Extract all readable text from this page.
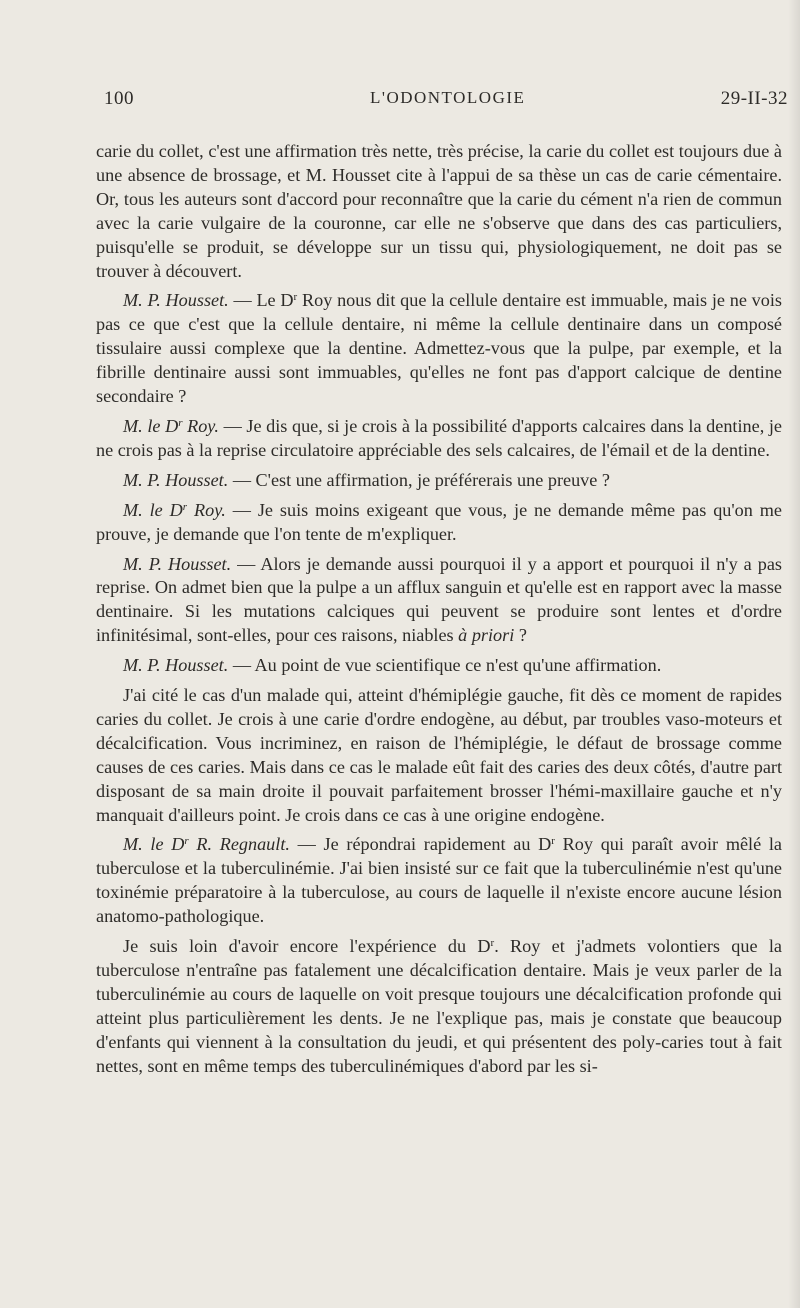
100	L'ODONTOLOGIE	29-II-32

carie du collet, c'est une affirmation très nette, très précise, la carie du collet est toujours due à une absence de brossage, et M. Housset cite à l'appui de sa thèse un cas de carie cémentaire. Or, tous les auteurs sont d'accord pour reconnaître que la carie du cément n'a rien de commun avec la carie vulgaire de la couronne, car elle ne s'observe que dans des cas particuliers, puisqu'elle se produit, se développe sur un tissu qui, physiologiquement, ne doit pas se trouver à découvert.

M. P. Housset. — Le $D^r$ Roy nous dit que la cellule dentaire est immuable, mais je ne vois pas ce que c'est que la cellule dentaire, ni même la cellule dentinaire dans un composé tissulaire aussi complexe que la dentine. Admettez-vous que la pulpe, par exemple, et la fibrille dentinaire aussi sont immuables, qu'elles ne font pas d'apport calcique de dentine secondaire ?

M. le $D^r$ Roy. — Je dis que, si je crois à la possibilité d'apports calcaires dans la dentine, je ne crois pas à la reprise circulatoire appréciable des sels calcaires, de l'émail et de la dentine.

M. P. Housset. — C'est une affirmation, je préférerais une preuve ?

M. le $D^r$ Roy. — Je suis moins exigeant que vous, je ne demande même pas qu'on me prouve, je demande que l'on tente de m'expliquer.

M. P. Housset. — Alors je demande aussi pourquoi il y a apport et pourquoi il n'y a pas reprise. On admet bien que la pulpe a un afflux sanguin et qu'elle est en rapport avec la masse dentinaire. Si les mutations calciques qui peuvent se produire sont lentes et d'ordre infinitésimal, sont-elles, pour ces raisons, niables à priori ?

M. P. Housset. — Au point de vue scientifique ce n'est qu'une affirmation.

J'ai cité le cas d'un malade qui, atteint d'hémiplégie gauche, fit dès ce moment de rapides caries du collet. Je crois à une carie d'ordre endogène, au début, par troubles vaso-moteurs et décalcification. Vous incriminez, en raison de l'hémiplégie, le défaut de brossage comme causes de ces caries. Mais dans ce cas le malade eût fait des caries des deux côtés, d'autre part disposant de sa main droite il pouvait parfaitement brosser l'hémi-maxillaire gauche et n'y manquait d'ailleurs point. Je crois dans ce cas à une origine endogène.

M. le $D^r$ R. Regnault. — Je répondrai rapidement au $D^r$ Roy qui paraît avoir mêlé la tuberculose et la tuberculinémie. J'ai bien insisté sur ce fait que la tuberculinémie n'est qu'une toxinémie préparatoire à la tuberculose, au cours de laquelle il n'existe encore aucune lésion anatomo-pathologique.

Je suis loin d'avoir encore l'expérience du $D^r$. Roy et j'admets volontiers que la tuberculose n'entraîne pas fatalement une décalcification dentaire. Mais je veux parler de la tuberculinémie au cours de laquelle on voit presque toujours une décalcification profonde qui atteint plus particulièrement les dents. Je ne l'explique pas, mais je constate que beaucoup d'enfants qui viennent à la consultation du jeudi, et qui présentent des poly-caries tout à fait nettes, sont en même temps des tuberculinémiques d'abord par les si-
